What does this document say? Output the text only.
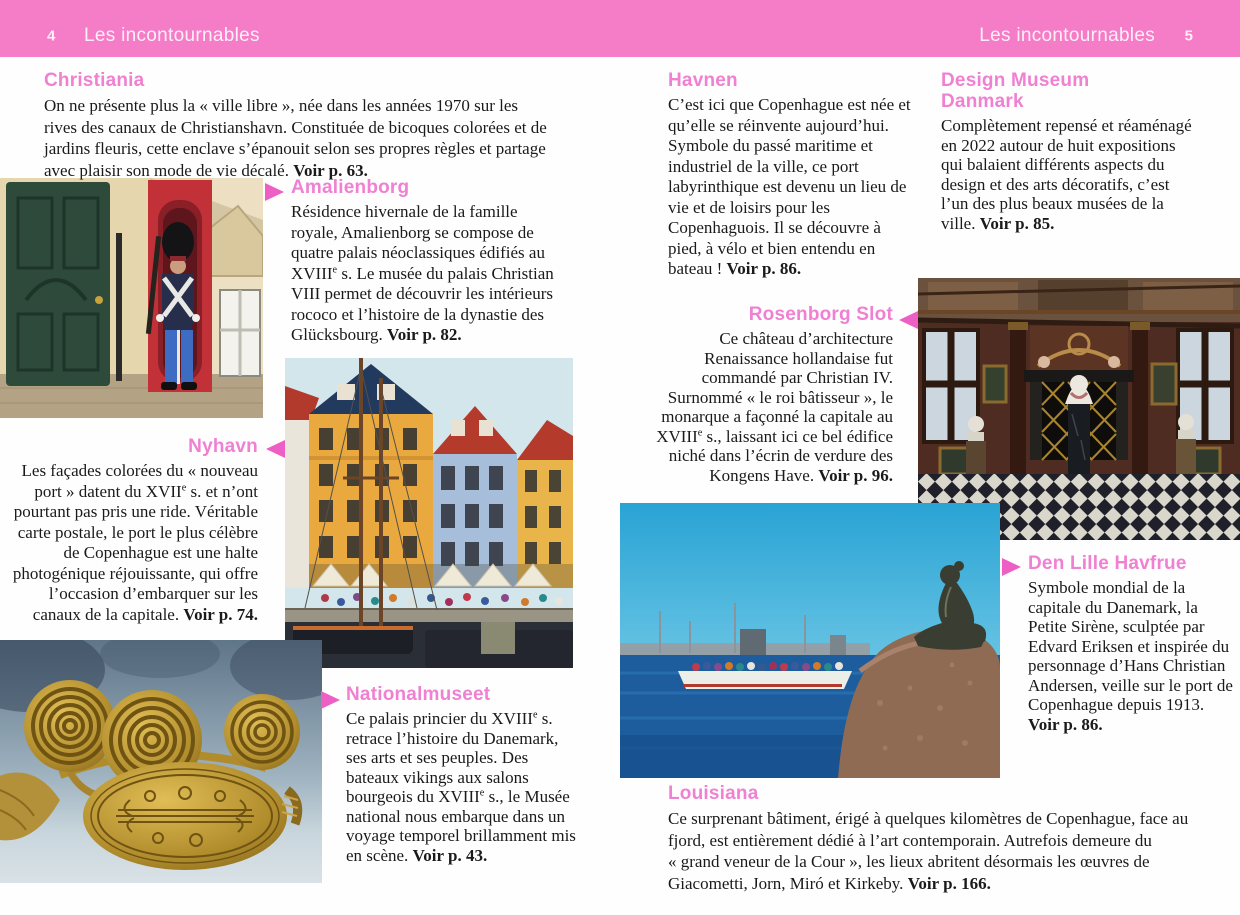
4 Les incontournables	Les incontournables 5
Christiania

On ne présente plus la « ville libre », née dans les années 1970 sur les rives des canaux de Christianshavn. Constituée de bicoques colorées et de jardins fleuris, cette enclave s’épanouit selon ses propres règles et partage avec plaisir son mode de vie décalé. Voir p. 63.

Amalienborg

Résidence hivernale de la famille royale, Amalienborg se compose de quatre palais néoclassiques édifiés au XVIIIe s. Le musée du palais Christian VIII permet de découvrir les intérieurs rococo et l’histoire de la dynastie des Glücksbourg. Voir p. 82.

Nyhavn

Les façades colorées du « nouveau port » datent du XVIIe s. et n’ont pourtant pas pris une ride. Véritable carte postale, le port le plus célèbre de Copenhague est une halte photogénique réjouissante, qui offre l’occasion d’embarquer sur les canaux de la capitale. Voir p. 74.

Nationalmuseet

Ce palais princier du XVIIIe s. retrace l’histoire du Danemark, ses arts et ses peuples. Des bateaux vikings aux salons bourgeois du XVIIIe s., le Musée national nous embarque dans un voyage temporel brillamment mis en scène. Voir p. 43.

Havnen

C’est ici que Copenhague est née et qu’elle se réinvente aujourd’hui. Symbole du passé maritime et industriel de la ville, ce port labyrinthique est devenu un lieu de vie et de loisirs pour les Copenhaguois. Il se découvre à pied, à vélo et bien entendu en bateau ! Voir p. 86.

Design Museum Danmark

Complètement repensé et réaménagé en 2022 autour de huit expositions qui balaient différents aspects du design et des arts décoratifs, c’est l’un des plus beaux musées de la ville. Voir p. 85.

Rosenborg Slot

Ce château d’architecture Renaissance hollandaise fut commandé par Christian IV. Surnommé « le roi bâtisseur », le monarque a façonné la capitale au XVIIIe s., laissant ici ce bel édifice niché dans l’écrin de verdure des Kongens Have. Voir p. 96.

Den Lille Havfrue

Symbole mondial de la capitale du Danemark, la Petite Sirène, sculptée par Edvard Eriksen et inspirée du personnage d’Hans Christian Andersen, veille sur le port de Copenhague depuis 1913. Voir p. 86.

Louisiana

Ce surprenant bâtiment, érigé à quelques kilomètres de Copenhague, face au fjord, est entièrement dédié à l’art contemporain. Autrefois demeure du « grand veneur de la Cour », les lieux abritent désormais les œuvres de Giacometti, Jorn, Miró et Kirkeby. Voir p. 166.
